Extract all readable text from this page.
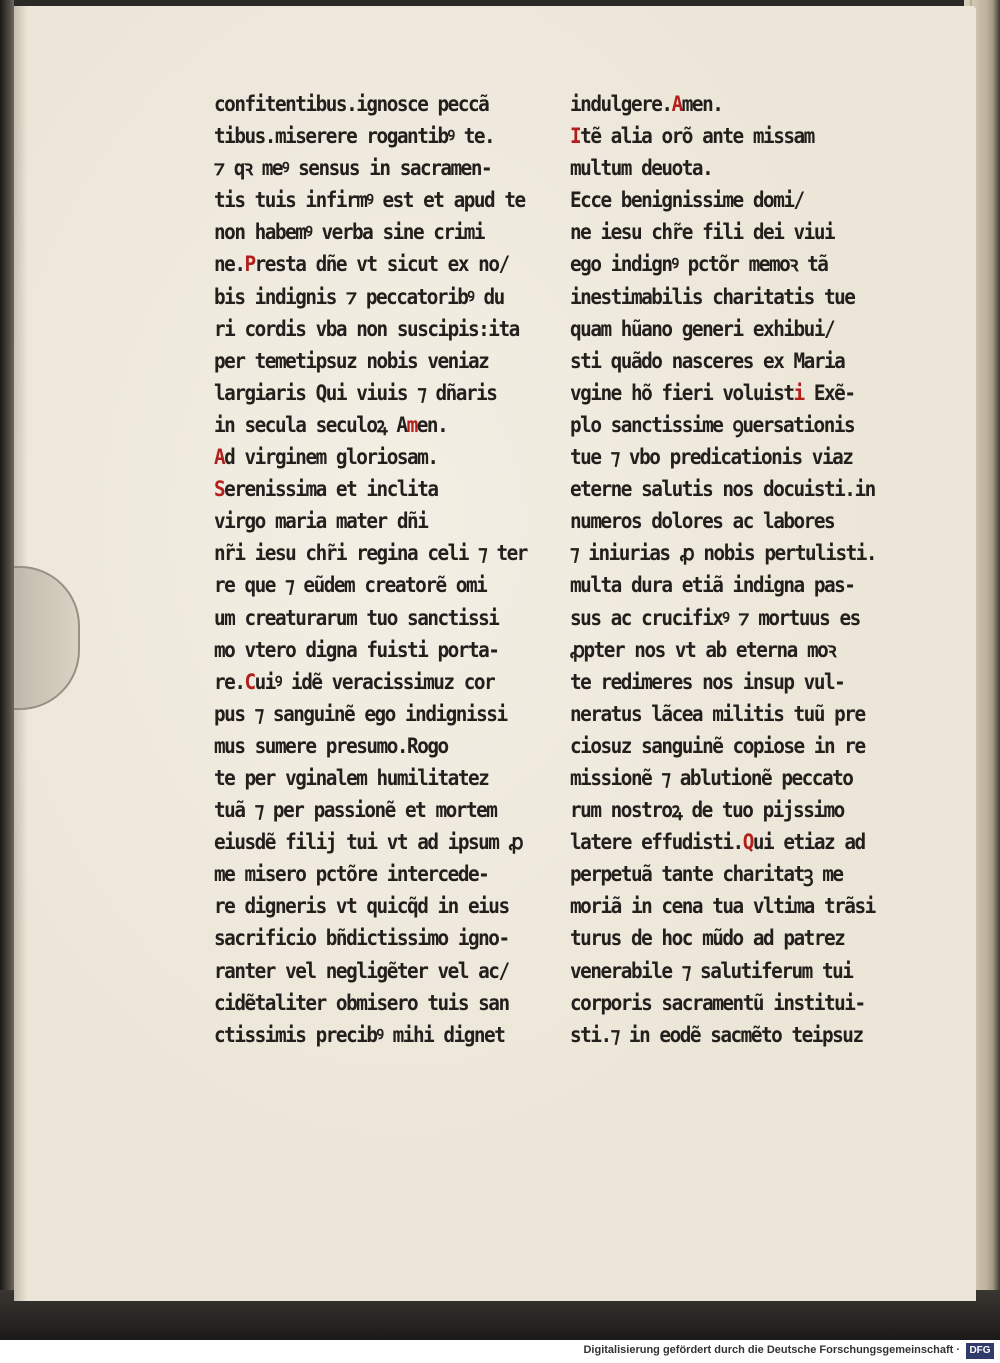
confitentibus.ignosce peccã
tibus.miserere rogantibꝰ te.
⁊ qꝛ meꝰ sensus in sacramen-
tis tuis infirmꝰ est et apud te
non habemꝰ verba sine crimi
ne.Presta dñe vt sicut ex no/
bis indignis ⁊ peccatoribꝰ du
ri cordis vba non suscipis:ita
per temetipsuz nobis veniaz
largiaris Qui viuis ⁊ dñaris
in secula seculoꝝ Amen.
Ad virginem gloriosam.
Serenissima et inclita
virgo maria mater dñi
nr̃i iesu chr̃i regina celi ⁊ ter
re que ⁊ eũdem creatorẽ omi
um creaturarum tuo sanctissi
mo vtero digna fuisti porta-
re.Cuiꝰ idẽ veracissimuz cor
pus ⁊ sanguinẽ ego indignissi
mus sumere presumo.Rogo
te per vginalem humilitatez
tuã ⁊ per passionẽ et mortem
eiusdẽ filij tui vt ad ipsum ꝓ
me misero pctõre intercede-
re digneris vt quicq̃d in eius
sacrificio bñdictissimo igno-
ranter vel negligẽter vel ac/
cidẽtaliter obmisero tuis san
ctissimis precibꝰ mihi dignet
indulgere.Amen.
Itẽ alia orõ ante missam
multum deuota.
Ecce benignissime domi/
ne iesu chr̃e fili dei viui
ego indignꝰ pctõr memoꝛ tã
inestimabilis charitatis tue
quam hũano generi exhibui/
sti quãdo nasceres ex Maria
vgine hõ fieri voluisti Exẽ-
plo sanctissime ꝯuersationis
tue ⁊ vbo predicationis viaz
eterne salutis nos docuisti.in
numeros dolores ac labores
⁊ iniurias ꝓ nobis pertulisti.
multa dura etiã indigna pas-
sus ac crucifixꝰ ⁊ mortuus es
ꝓpter nos vt ab eterna moꝛ
te redimeres nos insup vul-
neratus lãcea militis tuũ pre
ciosuz sanguinẽ copiose in re
missionẽ ⁊ ablutionẽ peccato
rum nostroꝝ de tuo pijssimo
latere effudisti.Qui etiaz ad
perpetuã tante charitatꝫ me
moriã in cena tua vltima trãsi
turus de hoc mũdo ad patrez
venerabile ⁊ salutiferum tui
corporis sacramentũ institui-
sti.⁊ in eodẽ sacmẽto teipsuz
Digitalisierung gefördert durch die Deutsche Forschungsgemeinschaft · DFG
